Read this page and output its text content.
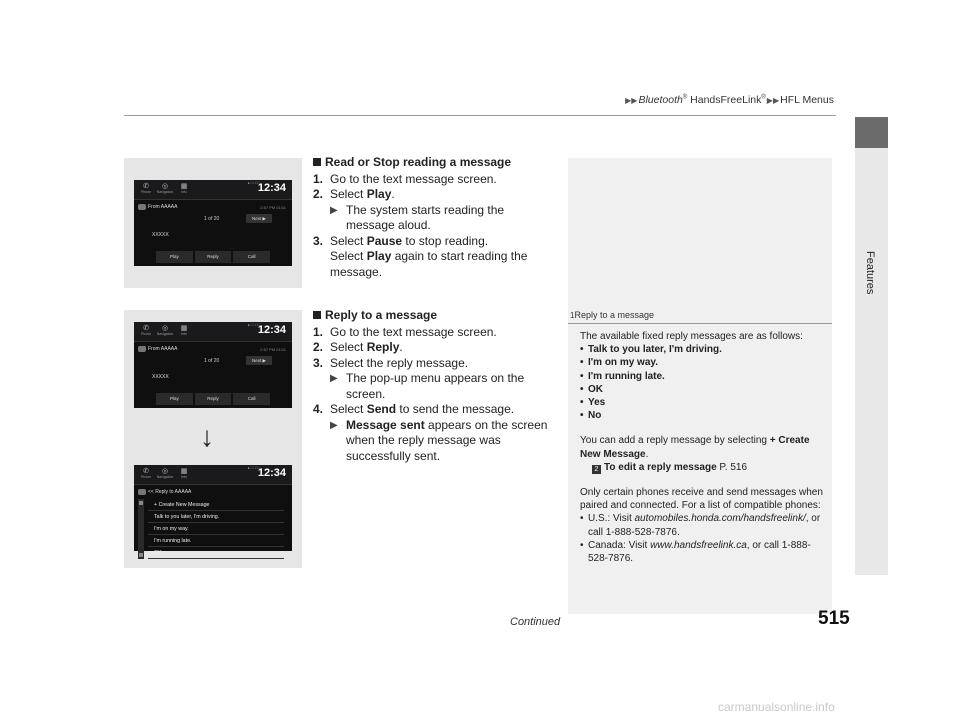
▶▶Bluetooth® HandsFreeLink®▶▶HFL Menus
Features
✆
Phone
◎
Navigation
▦
Info
● □ □□□
12:34
From AAAAA	2:57 PM 01/11
1 of 20	Next ▶
XXXXX
Play	Reply	Call
✆
Phone
◎
Navigation
▦
Info
● □ □□□
12:34
From AAAAA	2:57 PM 01/11
1 of 20	Next ▶
XXXXX
Play	Reply	Call
✆
Phone
◎
Navigation
▦
Info
● □ □□□
12:34
<< Reply to AAAAA
+ Create New Message
Talk to you later, I'm driving.
I'm on my way.
I'm running late.
OK
↓
Read or Stop reading a message
1. Go to the text message screen.
2. Select Play.
▶ The system starts reading the message aloud.
3. Select Pause to stop reading.
Select Play again to start reading the message.
Reply to a message
1. Go to the text message screen.
2. Select Reply.
3. Select the reply message.
▶ The pop-up menu appears on the screen.
4. Select Send to send the message.
▶ Message sent appears on the screen when the reply message was successfully sent.
1Reply to a message

The available fixed reply messages are as follows:

• Talk to you later, I'm driving.
• I'm on my way.
• I'm running late.
• OK
• Yes
• No

You can add a reply message by selecting + Create New Message.

2 To edit a reply message P. 516

Only certain phones receive and send messages when paired and connected. For a list of compatible phones:

• U.S.: Visit automobiles.honda.com/handsfreelink/, or call 1-888-528-7876.
• Canada: Visit www.handsfreelink.ca, or call 1-888-528-7876.
Continued	515
carmanualsonline.info
